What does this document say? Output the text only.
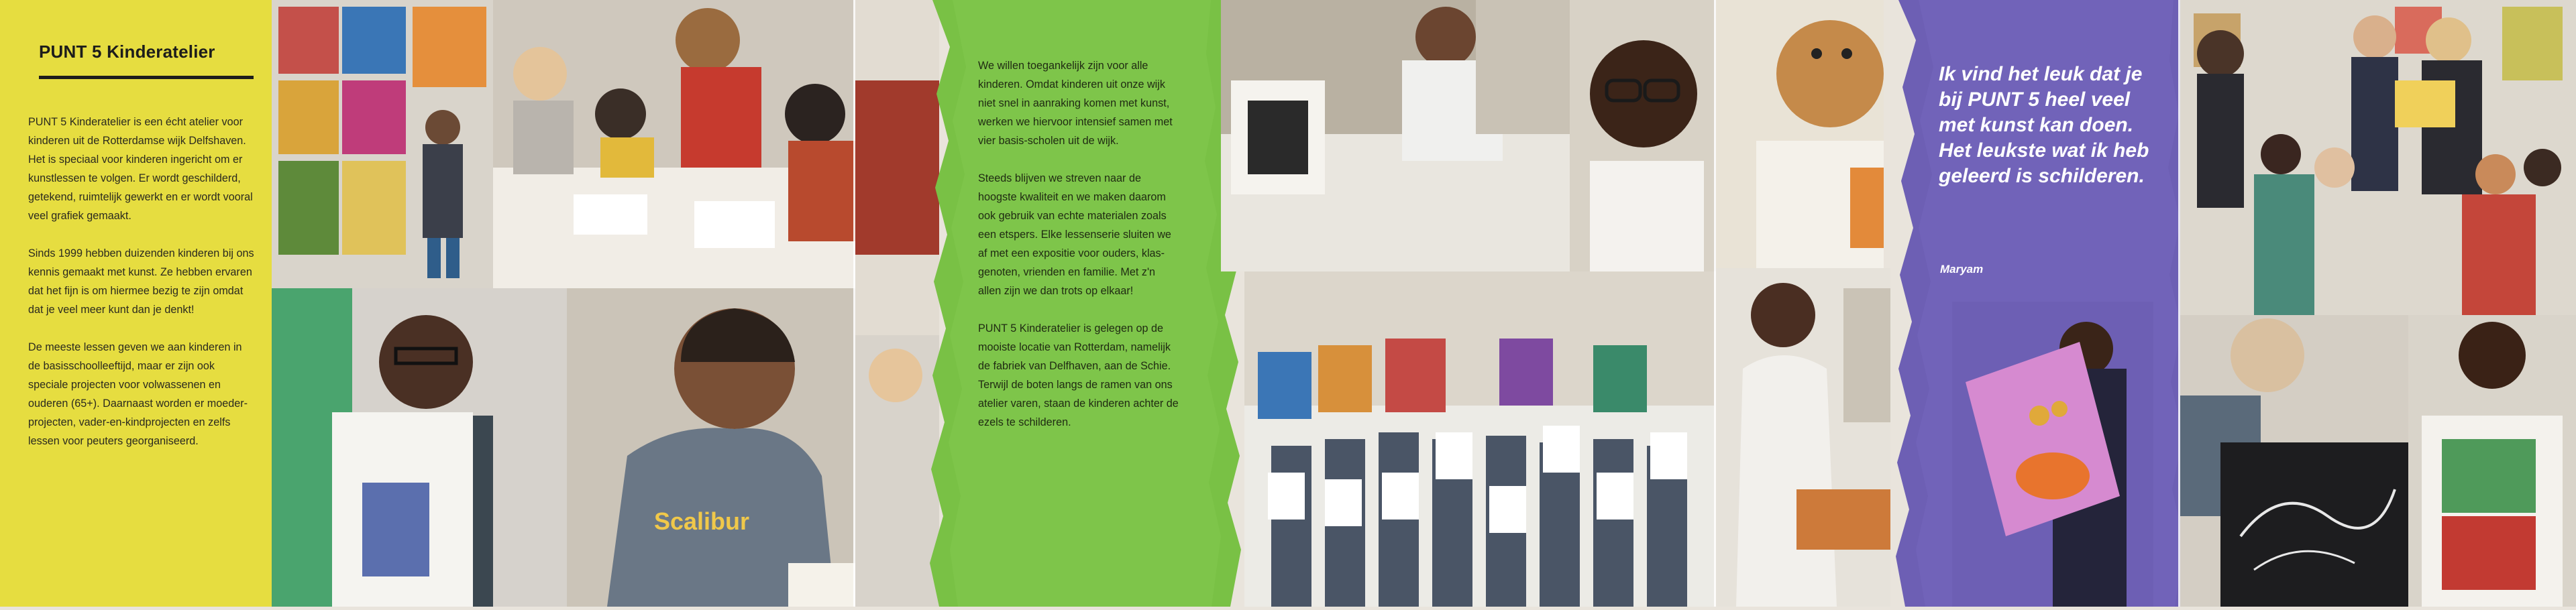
PUNT 5 Kinderatelier

PUNT 5 Kinderatelier is een écht atelier voor kinderen uit de Rotterdamse wijk Delfshaven. Het is speciaal voor kinderen ingericht om er kunstlessen te volgen. Er wordt geschilderd, getekend, ruimtelijk gewerkt en er wordt vooral veel grafiek gemaakt.

Sinds 1999 hebben duizenden kinderen bij ons kennis gemaakt met kunst. Ze hebben ervaren dat het fijn is om hiermee bezig te zijn omdat dat je veel meer kunt dan je denkt!

De meeste lessen geven we aan kinderen in de basisschoolleeftijd, maar er zijn ook speciale projecten voor volwassenen en ouderen (65+). Daarnaast worden er moeder-projecten, vader-en-kindprojecten en zelfs lessen voor peuters georganiseerd.

Scalibur

We willen toegankelijk zijn voor alle kinderen. Omdat kinderen uit onze wijk niet snel in aanraking komen met kunst, werken we hiervoor intensief samen met vier basis-scholen uit de wijk.

Steeds blijven we streven naar de hoogste kwaliteit en we maken daarom ook gebruik van echte materialen zoals een etspers. Elke lessenserie sluiten we af met een expositie voor ouders, klas-genoten, vrienden en familie. Met z'n allen zijn we dan trots op elkaar!

PUNT 5 Kinderatelier is gelegen op de mooiste locatie van Rotterdam, namelijk de fabriek van Delfhaven, aan de Schie. Terwijl de boten langs de ramen van ons atelier varen, staan de kinderen achter de ezels te schilderen.

Ik vind het leuk dat je bij PUNT 5 heel veel met kunst kan doen. Het leukste wat ik heb geleerd is schilderen.
Maryam
